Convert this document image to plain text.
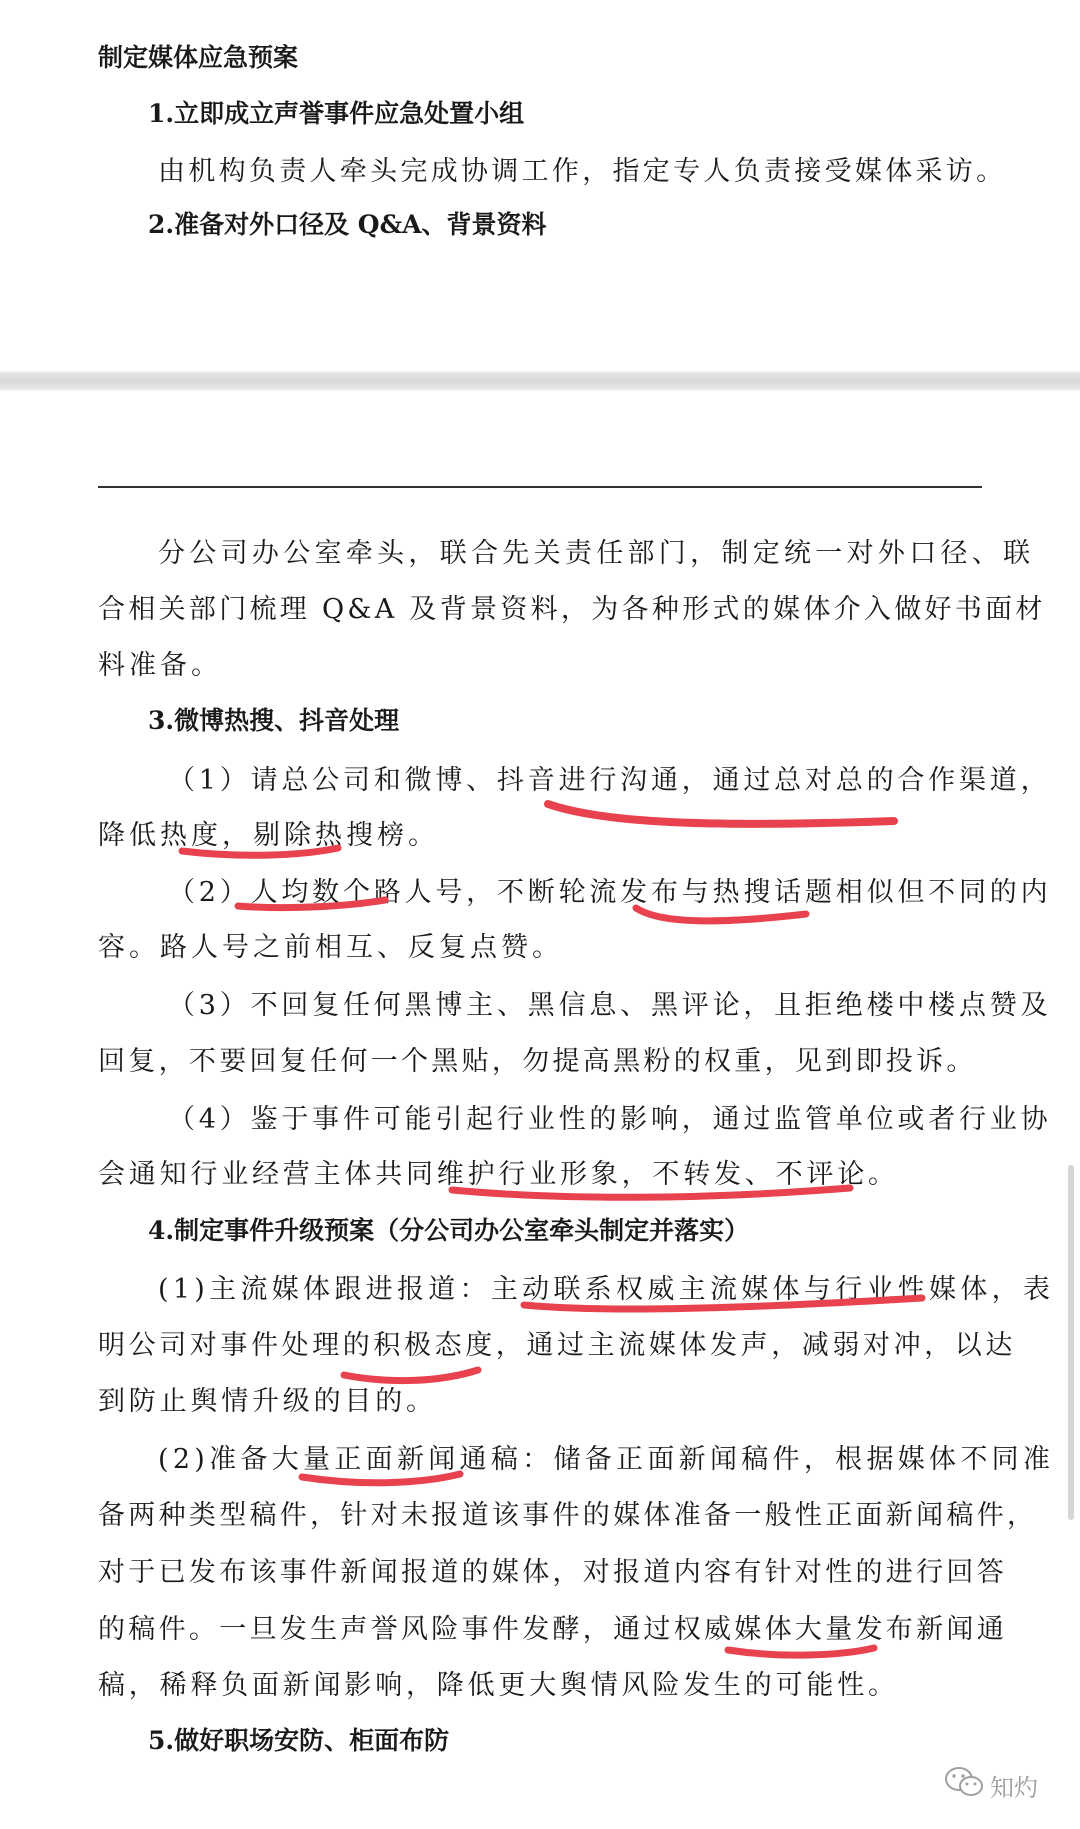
制定媒体应急预案
1.立即成立声誉事件应急处置小组
由机构负责人牵头完成协调工作，指定专人负责接受媒体采访。
2.准备对外口径及 Q&A、背景资料
分公司办公室牵头，联合先关责任部门，制定统一对外口径、联
合相关部门梳理 Q&A 及背景资料，为各种形式的媒体介入做好书面材
料准备。
3.微博热搜、抖音处理
（1）请总公司和微博、抖音进行沟通，通过总对总的合作渠道，
降低热度，剔除热搜榜。
（2）人均数个路人号，不断轮流发布与热搜话题相似但不同的内
容。路人号之前相互、反复点赞。
（3）不回复任何黑博主、黑信息、黑评论，且拒绝楼中楼点赞及
回复，不要回复任何一个黑贴，勿提高黑粉的权重，见到即投诉。
（4）鉴于事件可能引起行业性的影响，通过监管单位或者行业协
会通知行业经营主体共同维护行业形象，不转发、不评论。
4.制定事件升级预案（分公司办公室牵头制定并落实）
(1)主流媒体跟进报道：主动联系权威主流媒体与行业性媒体，表
明公司对事件处理的积极态度，通过主流媒体发声，减弱对冲，以达
到防止舆情升级的目的。
(2)准备大量正面新闻通稿：储备正面新闻稿件，根据媒体不同准
备两种类型稿件，针对未报道该事件的媒体准备一般性正面新闻稿件，
对于已发布该事件新闻报道的媒体，对报道内容有针对性的进行回答
的稿件。一旦发生声誉风险事件发酵，通过权威媒体大量发布新闻通
稿，稀释负面新闻影响，降低更大舆情风险发生的可能性。
5.做好职场安防、柜面布防
知灼
